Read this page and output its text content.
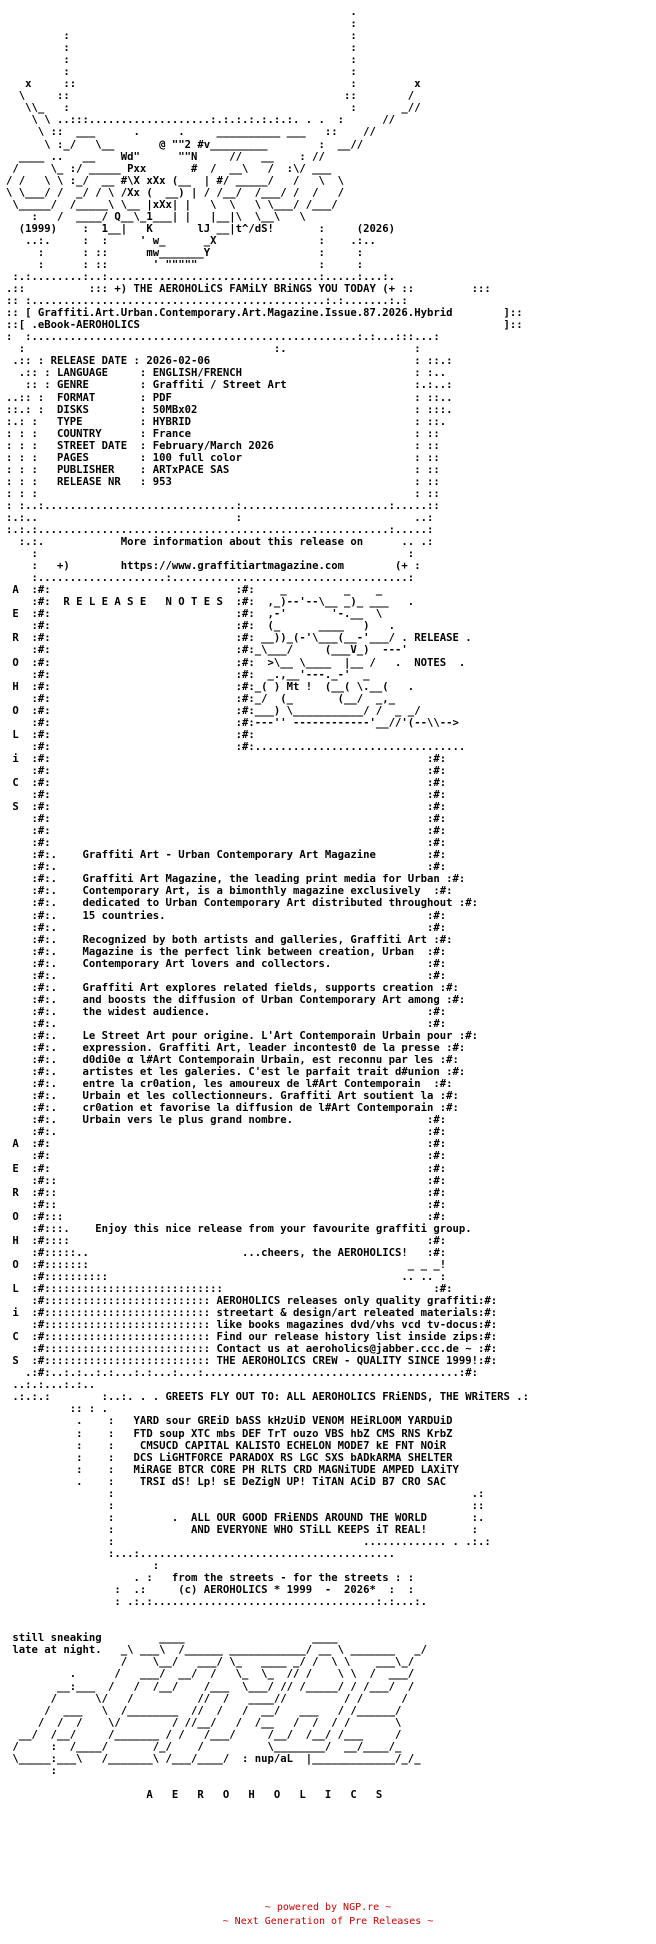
.
:
:                                            :
:                                            :
:                                            :
:                                            :
x     ::                                           :         x
\     ::                                           ::        /
\\_   :                                            :       _//
\ \ ..:::...................:.:.:.:.:.:.:. . .  :      //
\ ::  ___      .      .     __________ ___   ::    //
\ :_/   \__       @ ""2 #v_________        :  __//
____ ..   __    Wd"      ""N     //   __    : //
/     \_ :/ _____ Pxx       #  /  __\   /  :\/ ___
/ /   \ \ :_/  __ #\X xXx (__  | #/ _____/   /   \  \
\ \___/ /  _/ / \ /Xx (  __) | / /__/  /___/ /  /   /
\_____/  /_____\ \__ |xXx| |   \  \   \ \___/ /___/
:   /  ____/ Q__\_1___| |   |__|\  \__\   \
(1999)    :  1__|   K       lJ __|t^/dS!       :     (2026)
..:.     :  :     ' w_      _X                :    .:..
:      : ::      mw_______Y                 :     :
:      : ::       ' """""                   :     :
:.:........:..:.................................:.....:...:.
.::          ::: +) THE AEROHOLiCS FAMiLY BRiNGS YOU TODAY (+ ::         :::
:: :..............................................:.:.......:.:
:: [ Graffiti.Art.Urban.Contemporary.Art.Magazine.Issue.87.2026.Hybrid        ]::
::[ .eBook-AEROHOLICS                                                         ]::
:  :...................................................:.:...:::...:
:                                       :.                    :
.:: : RELEASE DATE : 2026-02-06                                : ::.:
.:: : LANGUAGE     : ENGLISH/FRENCH                           : :..
:: : GENRE        : Graffiti / Street Art                    :.:..:
..:: :  FORMAT       : PDF                                      : ::..
::.: :  DISKS        : 50MBx02                                  : :::.
:.: :   TYPE         : HYBRID                                   : ::.
: : :   COUNTRY      : France                                   : ::
: : :   STREET DATE  : February/March 2026                      : ::
: : :   PAGES        : 100 full color                           : ::
: : :   PUBLISHER    : ARTxPACE SAS                             : ::
: : :   RELEASE NR   : 953                                      : ::
: : :                                                           : ::
: :..:..............................:.......................:.....::
:.:..                               :                           ..:
:.:.:.......................................................:.....:
:.:.            More information about this release on      .. .:
:                                                          :
:   +)        https://www.graffitiartmagazine.com        (+ :
:....................:.....................................:
A  :#:                             :#:    _         _    _
:#:  R E L E A S E   N O T E S  :#:  ,_)--'--\__ _)_ ___   .
E  :#:                             :#:  ,-'       '-.__  \
:#:                             :#:  (_      ____   )   .
R  :#:                             :#: __))_(-'\___(__-'___/ . RELEASE .
:#:                             :#:_\___/     (___V_)  ---'
O  :#:                             :#:  >\__ \____  |__ /   .  NOTES  .
:#:                             :#:  _.,__'---._-'  _
H  :#:                             :#:_( ) Mt !  (__( \.__(   .
:#:                             :#:_/  (_       (__/  _,_
O  :#:                             :#:___) \___________/ /  _ _/
:#:                             :#:---'' ------------'__//'(--\\-->
L  :#:                             :#:
:#:                             :#:.................................
i  :#:                                                           :#:
:#:                                                           :#:
C  :#:                                                           :#:
:#:                                                           :#:
S  :#:                                                           :#:
:#:                                                           :#:
:#:                                                           :#:
:#:                                                           :#:
:#:.    Graffiti Art - Urban Contemporary Art Magazine        :#:
:#:.                                                          :#:
:#:.    Graffiti Art Magazine, the leading print media for Urban :#:
:#:.    Contemporary Art, is a bimonthly magazine exclusively  :#:
:#:.    dedicated to Urban Contemporary Art distributed throughout :#:
:#:.    15 countries.                                         :#:
:#:.                                                          :#:
:#:.    Recognized by both artists and galleries, Graffiti Art :#:
:#:.    Magazine is the perfect link between creation, Urban  :#:
:#:.    Contemporary Art lovers and collectors.               :#:
:#:.                                                          :#:
:#:.    Graffiti Art explores related fields, supports creation :#:
:#:.    and boosts the diffusion of Urban Contemporary Art among :#:
:#:.    the widest audience.                                  :#:
:#:.                                                          :#:
:#:.    Le Street Art pour origine. L'Art Contemporain Urbain pour :#:
:#:.    expression. Graffiti Art, leader incontest0 de la presse :#:
:#:.    d0di0e α l#Art Contemporain Urbain, est reconnu par les :#:
:#:.    artistes et les galeries. C'est le parfait trait d#union :#:
:#:.    entre la cr0ation, les amoureux de l#Art Contemporain  :#:
:#:.    Urbain et les collectionneurs. Graffiti Art soutient la :#:
:#:.    cr0ation et favorise la diffusion de l#Art Contemporain :#:
:#:.    Urbain vers le plus grand nombre.                     :#:
:#:.                                                          :#:
A  :#:                                                           :#:
:#:                                                           :#:
E  :#:                                                           :#:
:#::                                                          :#:
R  :#::                                                          :#:
:#::                                                          :#:
O  :#:::                                                         :#:
:#:::.    Enjoy this nice release from your favourite graffiti group.
H  :#::::                                                        :#:
:#:::::..                        ...cheers, the AEROHOLICS!   :#:
O  :#:::::::                                                  _ _ _!
:#::::::::::                                              .. .. :
L  :#::::::::::::::::::::::::::::                                 :#:
:#:::::::::::::::::::::::::: AEROHOLICS releases only quality graffiti:#:
i  :#:::::::::::::::::::::::::: streetart & design/art releated materials:#:
:#:::::::::::::::::::::::::: like books magazines dvd/vhs vcd tv-docus:#:
C  :#:::::::::::::::::::::::::: Find our release history list inside zips:#:
:#:::::::::::::::::::::::::: Contact us at aeroholics@jabber.ccc.de ~ :#:
S  :#:::::::::::::::::::::::::: THE AEROHOLICS CREW - QUALITY SINCE 1999!:#:
.:#:..:.:..:.:...:.:...:...:........................................:#:
..:.:...:.:..
.:.:.:        :..:. . . GREETS FLY OUT TO: ALL AEROHOLICS FRiENDS, THE WRiTERS .:
:: : .
.    :   YARD sour GREiD bASS kHzUiD VENOM HEiRLOOM YARDUiD
:    :   FTD soup XTC mbs DEF TrT ouzo VBS hbZ CMS RNS KrbZ
:    :    CMSUCD CAPITAL KALISTO ECHELON MODE7 kE FNT NOiR
:    :   DCS LiGHTFORCE PARADOX RS LGC SXS bADkARMA SHELTER
:    :   MiRAGE BTCR CORE PH RLTS CRD MAGNiTUDE AMPED LAXiTY
.    :    TRSI dS! Lp! sE DeZigN UP! TiTAN ACiD B7 CRO SAC
:                                                        .:
:                                                        ::
:         .  ALL OUR GOOD FRiENDS AROUND THE WORLD       :.
:            AND EVERYONE WHO STiLL KEEPS iT REAL!       :
:                                       ............. . .:.:
:...:........................................
:
. :   from the streets - for the streets : :
:  .:     (c) AEROHOLICS * 1999  -  2026*  :  :
: .:.:...................................:.:...:.

still sneaking         ____                    ____
late at night.   _\ ___\  /______ ____________/ __ \ _______   _/
/    \__/   ___/ \_   ____ _/ /  \ \    ___\_/
.      /   ___/  __/  /   \_  \_  // /    \ \  /  ___/
__:___  /   /  /__/    /___  \___/ // /_____/ / /___/  /
/      \/   /          //  /   ____//         / /      /
/  ___   \  /________  //  /   /  __/   ___   / /______/
/  /  /    \/        / //__/   /  /__   /  /  / /       \
__/  /__/     /_______ / /   /___/     /__/  /__/ /___     /
/     :  /____/       /_/    /          \________/  __/____/_
\_____:___\   /_______\ /___/____/  : nup/aL  |_____________/_/_
:

A   E   R   O   H   O   L   I   C   S
~ powered by NGP.re ~
~ Next Generation of Pre Releases ~
